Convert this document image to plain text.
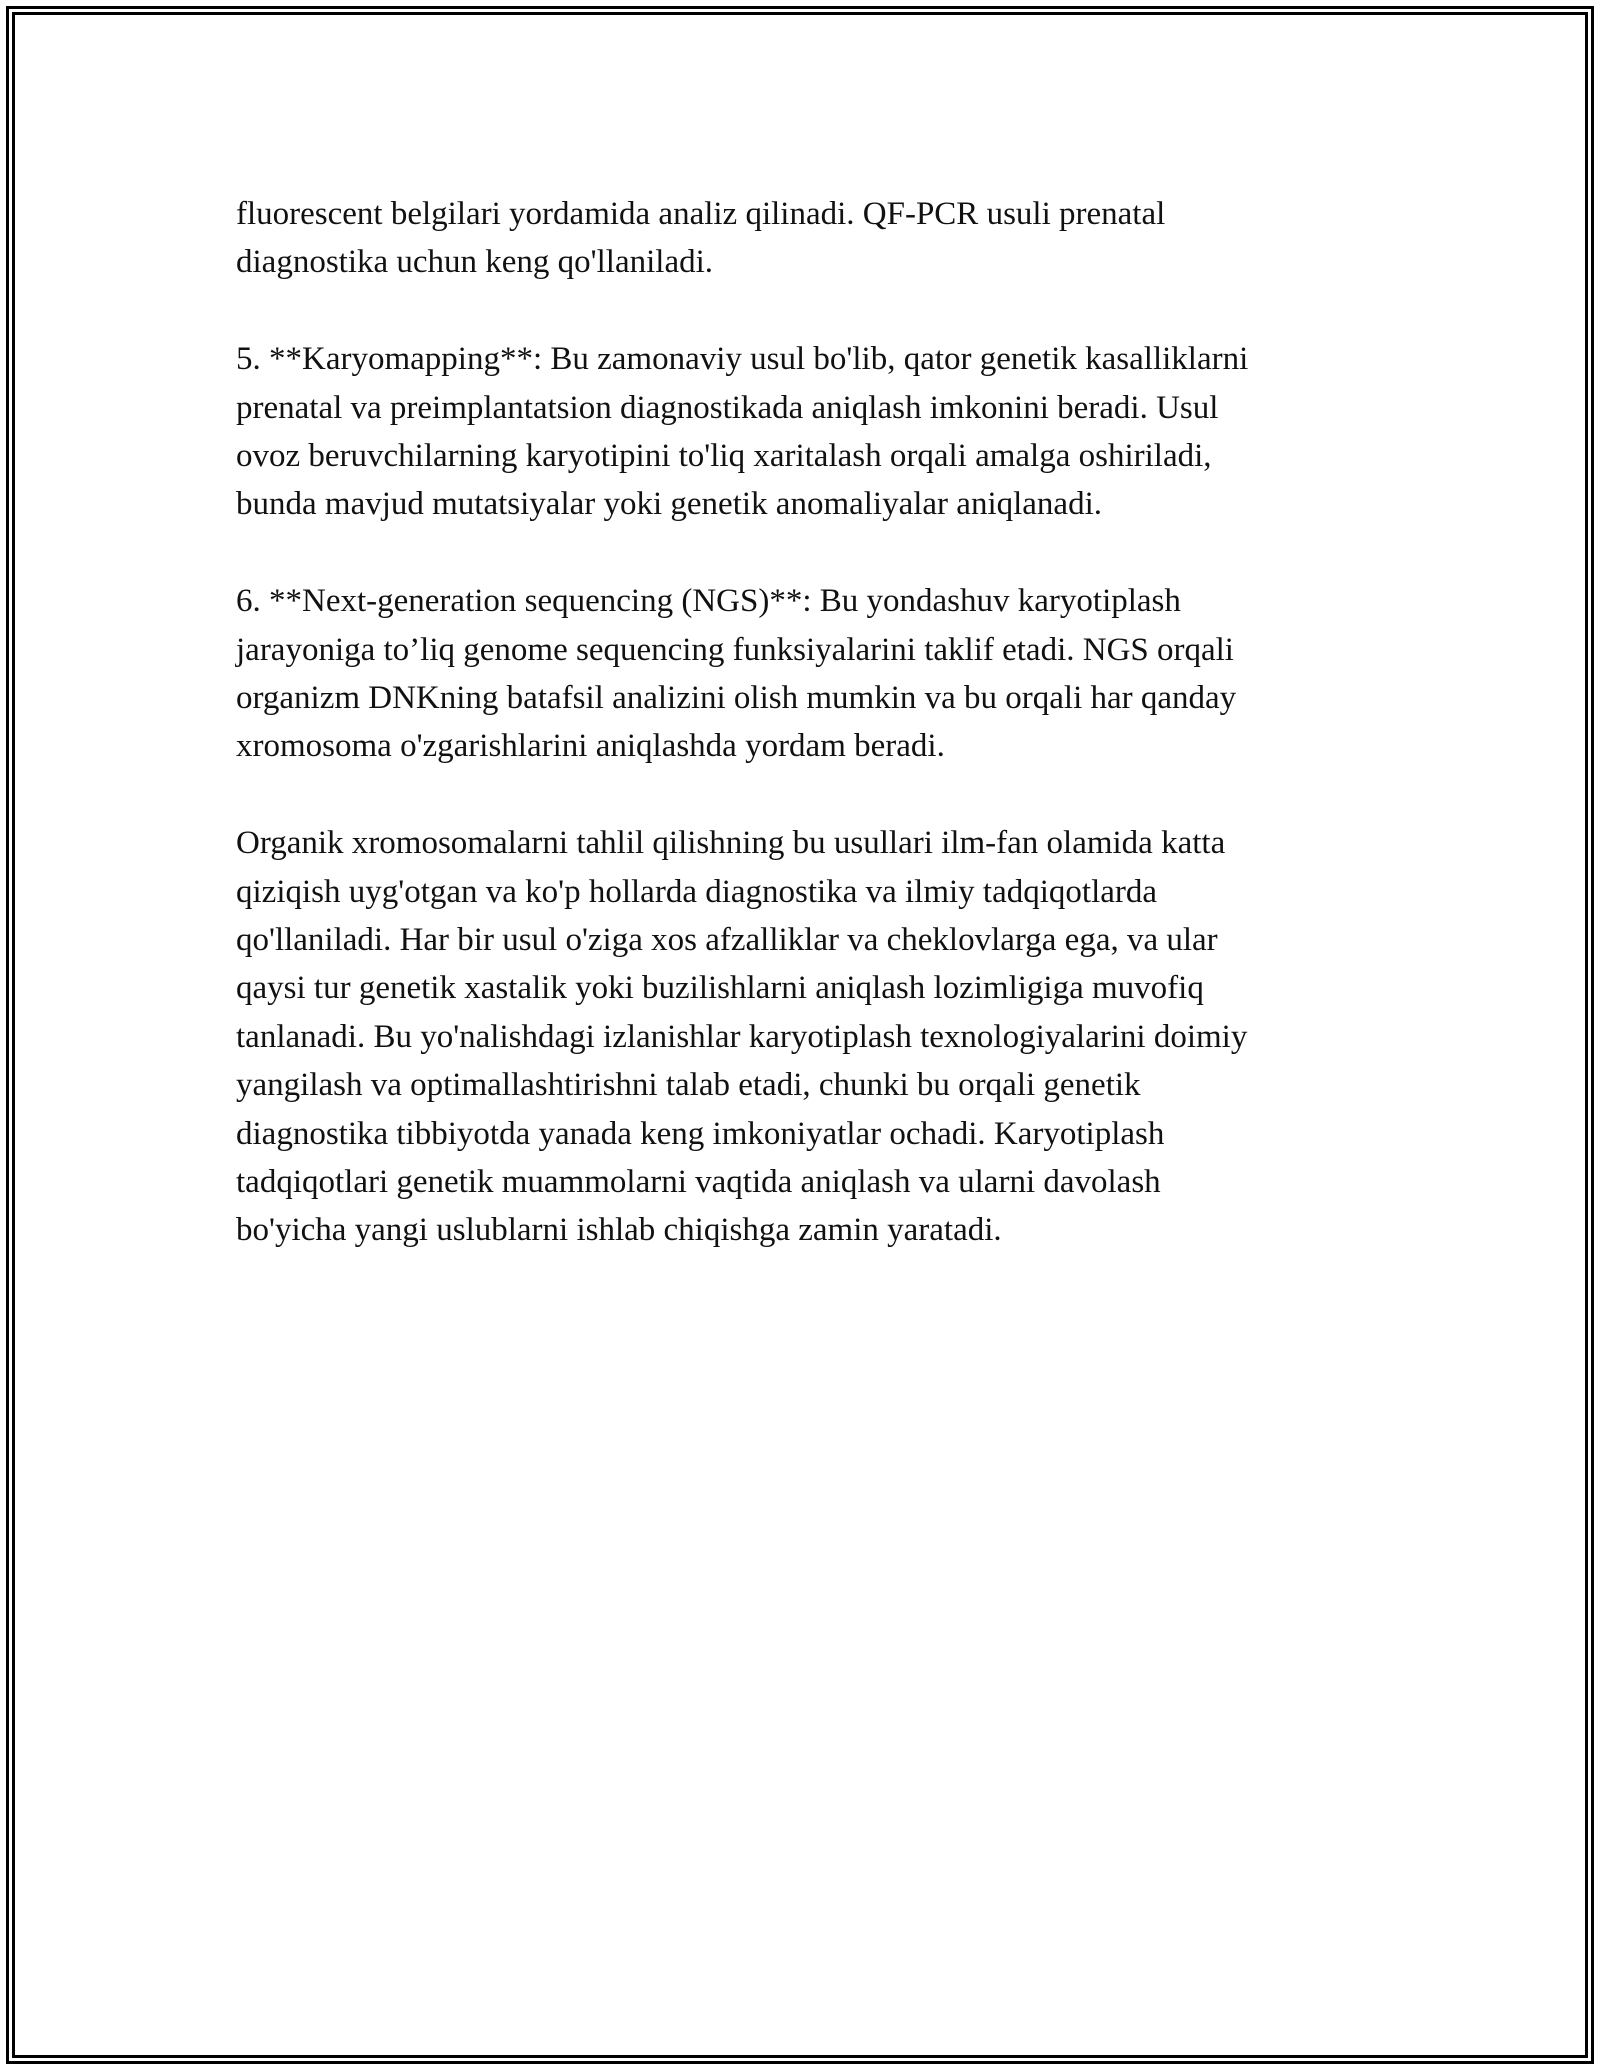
fluorescent belgilari yordamida analiz qilinadi. QF-PCR usuli prenatal
diagnostika uchun keng qo'llaniladi.

5. **Karyomapping**: Bu zamonaviy usul bo'lib, qator genetik kasalliklarni
prenatal va preimplantatsion diagnostikada aniqlash imkonini beradi. Usul
ovoz beruvchilarning karyotipini to'liq xaritalash orqali amalga oshiriladi,
bunda mavjud mutatsiyalar yoki genetik anomaliyalar aniqlanadi.

6. **Next-generation sequencing (NGS)**: Bu yondashuv karyotiplash
jarayoniga to’liq genome sequencing funksiyalarini taklif etadi. NGS orqali
organizm DNKning batafsil analizini olish mumkin va bu orqali har qanday
xromosoma o'zgarishlarini aniqlashda yordam beradi.

Organik xromosomalarni tahlil qilishning bu usullari ilm-fan olamida katta
qiziqish uyg'otgan va ko'p hollarda diagnostika va ilmiy tadqiqotlarda
qo'llaniladi. Har bir usul o'ziga xos afzalliklar va cheklovlarga ega, va ular
qaysi tur genetik xastalik yoki buzilishlarni aniqlash lozimligiga muvofiq
tanlanadi. Bu yo'nalishdagi izlanishlar karyotiplash texnologiyalarini doimiy
yangilash va optimallashtirishni talab etadi, chunki bu orqali genetik
diagnostika tibbiyotda yanada keng imkoniyatlar ochadi. Karyotiplash
tadqiqotlari genetik muammolarni vaqtida aniqlash va ularni davolash
bo'yicha yangi uslublarni ishlab chiqishga zamin yaratadi.
